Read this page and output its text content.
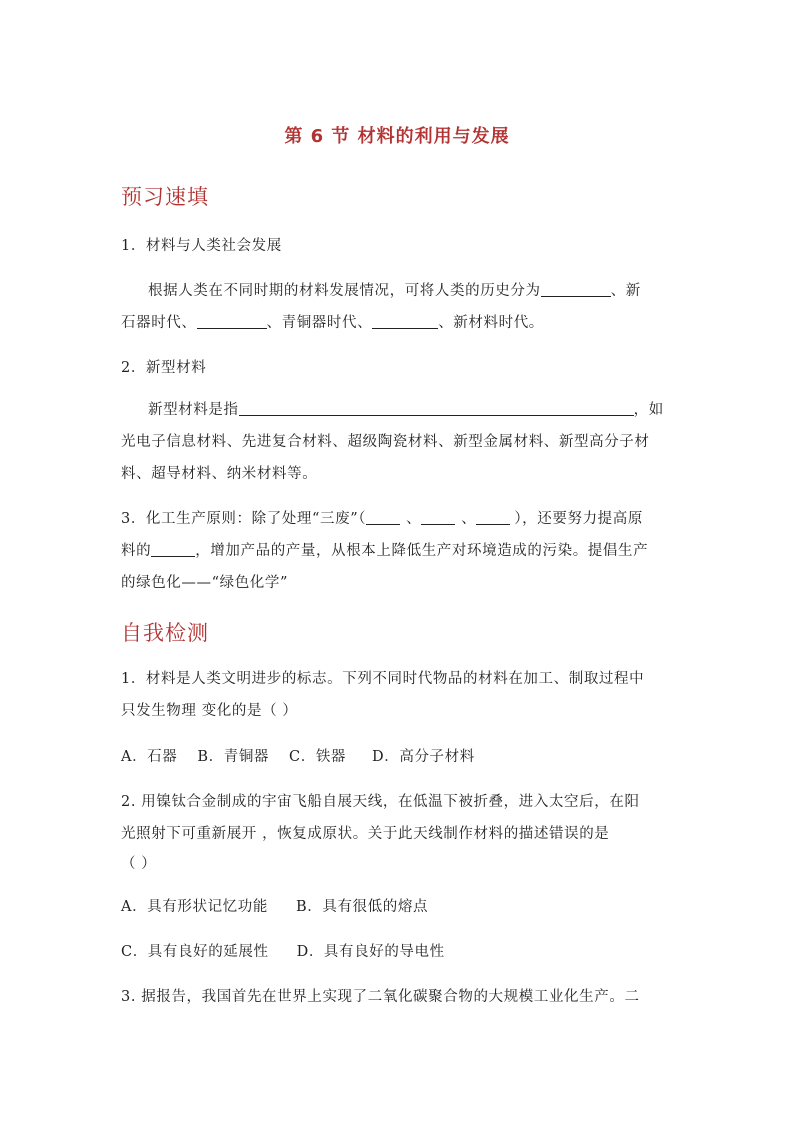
第 6 节 材料的利用与发展
预习速填
1．材料与人类社会发展
根据人类在不同时期的材料发展情况，可将人类的历史分为	、新
石器时代、	、青铜器时代、	、新材料时代。
2．新型材料
新型材料是指	，如
光电子信息材料、先进复合材料、超级陶瓷材料、新型金属材料、新型高分子材
料、超导材料、纳米材料等。
3．化工生产原则：除了处理“三废”（	、	、	），还要努力提高原
料的	，增加产品的产量，从根本上降低生产对环境造成的污染。提倡生产
的绿色化——“绿色化学”
自我检测
1．材料是人类文明进步的标志。下列不同时代物品的材料在加工、制取过程中
只发生物理 变化的是（ ）
A．石器 B．青铜器 C．铁器 D．高分子材料
2. 用镍钛合金制成的宇宙飞船自展天线，在低温下被折叠，进入太空后，在阳
光照射下可重新展开 ，恢复成原状。关于此天线制作材料的描述错误的是
（ ）
A．具有形状记忆功能 B．具有很低的熔点
C．具有良好的延展性 D．具有良好的导电性
3. 据报告，我国首先在世界上实现了二氧化碳聚合物的大规模工业化生产。二
